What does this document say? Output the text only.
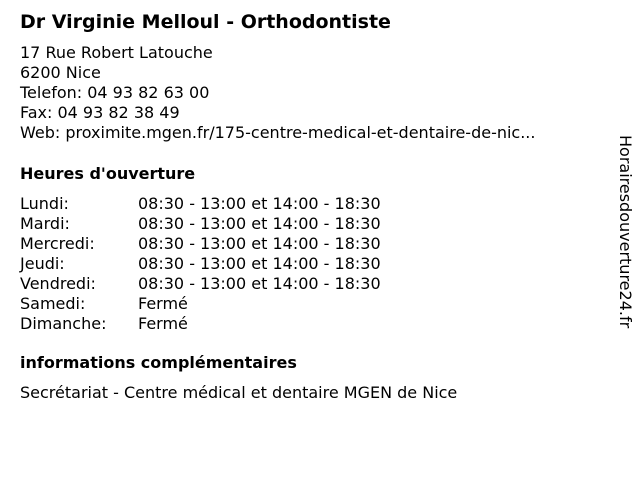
Dr Virginie Melloul - Orthodontiste
17 Rue Robert Latouche
6200 Nice
Telefon: 04 93 82 63 00
Fax: 04 93 82 38 49
Web: proximite.mgen.fr/175-centre-medical-et-dentaire-de-nic...
Heures d'ouverture
Lundi:	08:30 - 13:00 et 14:00 - 18:30
Mardi:	08:30 - 13:00 et 14:00 - 18:30
Mercredi:	08:30 - 13:00 et 14:00 - 18:30
Jeudi:	08:30 - 13:00 et 14:00 - 18:30
Vendredi:	08:30 - 13:00 et 14:00 - 18:30
Samedi:	Fermé
Dimanche: Fermé
informations complémentaires
Secrétariat - Centre médical et dentaire MGEN de Nice
Horairesdouverture24.fr
